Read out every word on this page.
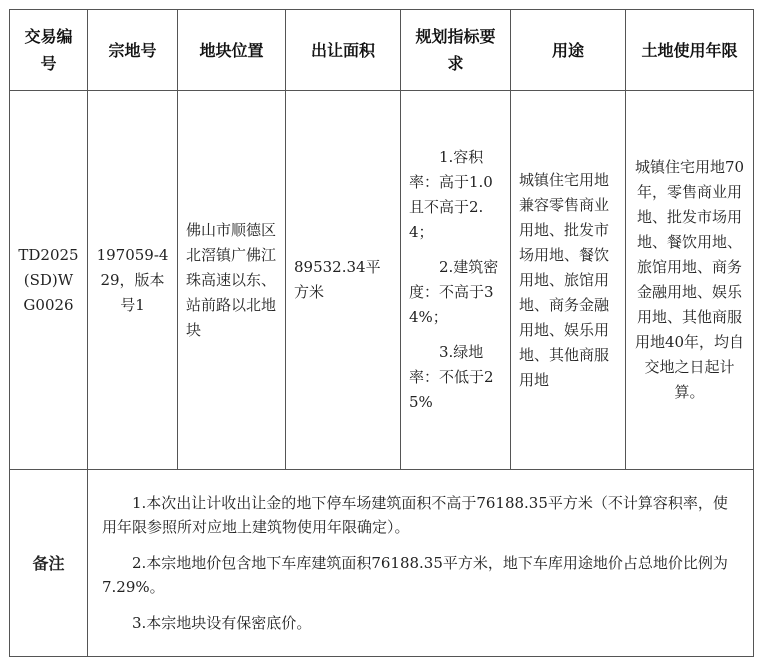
交易编号	宗地号	地块位置	出让面积	规划指标要求	用途	土地使用年限

TD2025(SD)WG0026	197059-429，版本号1	佛山市顺德区北滘镇广佛江珠高速以东、站前路以北地块	89532.34平方米	1.容积率：高于1.0且不高于2.4；

2.建筑密度：不高于34%；

3.绿地率：不低于25%	城镇住宅用地兼容零售商业用地、批发市场用地、餐饮用地、旅馆用地、商务金融用地、娱乐用地、其他商服用地	城镇住宅用地70年，零售商业用地、批发市场用地、餐饮用地、旅馆用地、商务金融用地、娱乐用地、其他商服用地40年，均自交地之日起计算。

备注	1.本次出让计收出让金的地下停车场建筑面积不高于76188.35平方米（不计算容积率，使用年限参照所对应地上建筑物使用年限确定）。

2.本宗地地价包含地下车库建筑面积76188.35平方米，地下车库用途地价占总地价比例为7.29%。

3.本宗地块设有保密底价。					
